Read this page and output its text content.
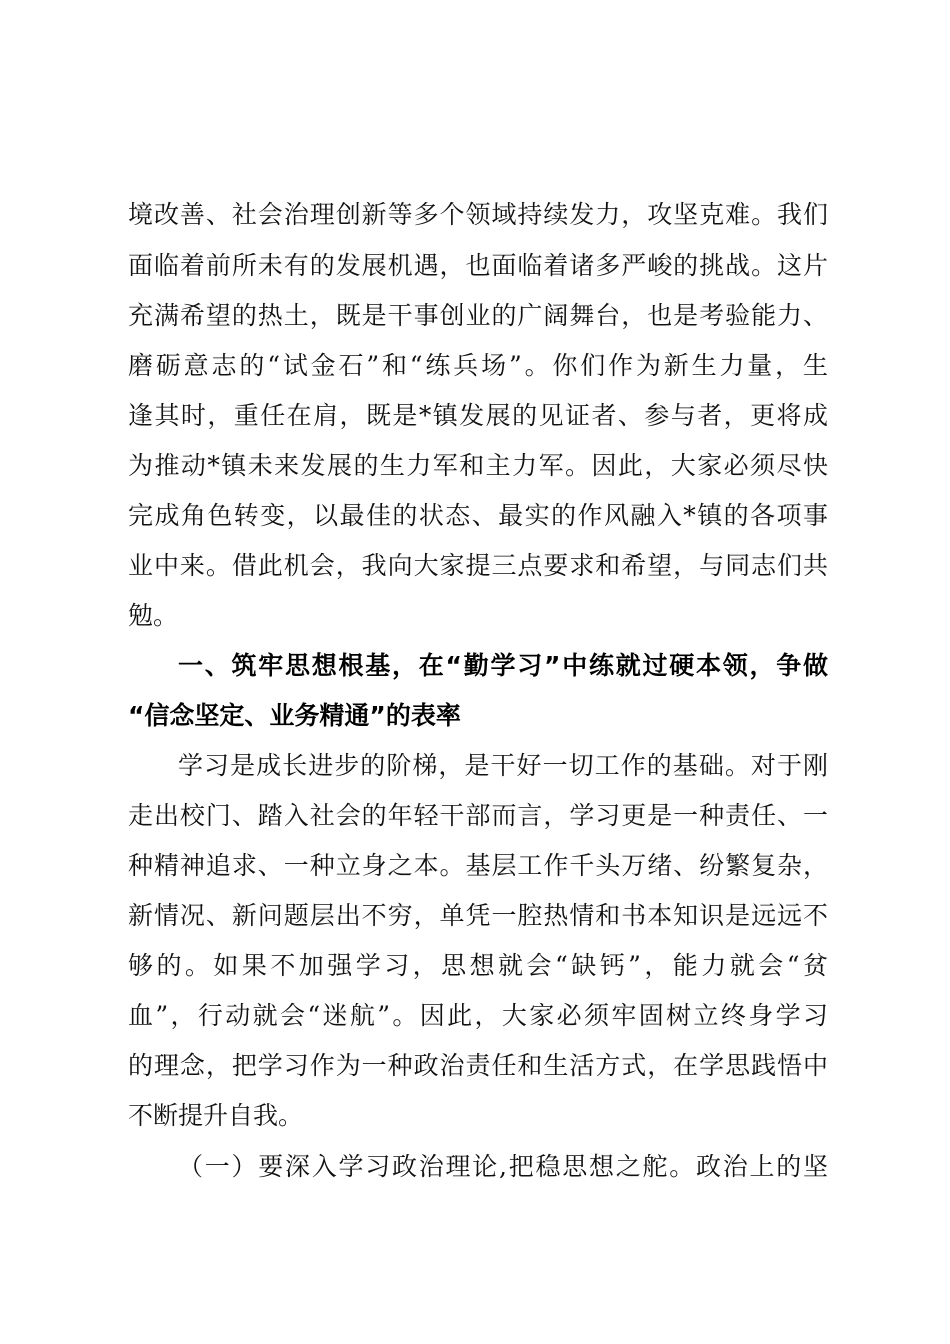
境改善、社会治理创新等多个领域持续发力，攻坚克难。我们
面临着前所未有的发展机遇，也面临着诸多严峻的挑战。这片
充满希望的热土，既是干事创业的广阔舞台，也是考验能力、
磨砺意志的“试金石”和“练兵场”。你们作为新生力量，生
逢其时，重任在肩，既是*镇发展的见证者、参与者，更将成
为推动*镇未来发展的生力军和主力军。因此，大家必须尽快
完成角色转变，以最佳的状态、最实的作风融入*镇的各项事
业中来。借此机会，我向大家提三点要求和希望，与同志们共
勉。
一、筑牢思想根基，在“勤学习”中练就过硬本领，争做
“信念坚定、业务精通”的表率
学习是成长进步的阶梯，是干好一切工作的基础。对于刚
走出校门、踏入社会的年轻干部而言，学习更是一种责任、一
种精神追求、一种立身之本。基层工作千头万绪、纷繁复杂，
新情况、新问题层出不穷，单凭一腔热情和书本知识是远远不
够的。如果不加强学习，思想就会“缺钙”，能力就会“贫
血”，行动就会“迷航”。因此，大家必须牢固树立终身学习
的理念，把学习作为一种政治责任和生活方式，在学思践悟中
不断提升自我。
（一）要深入学习政治理论,把稳思想之舵。政治上的坚
